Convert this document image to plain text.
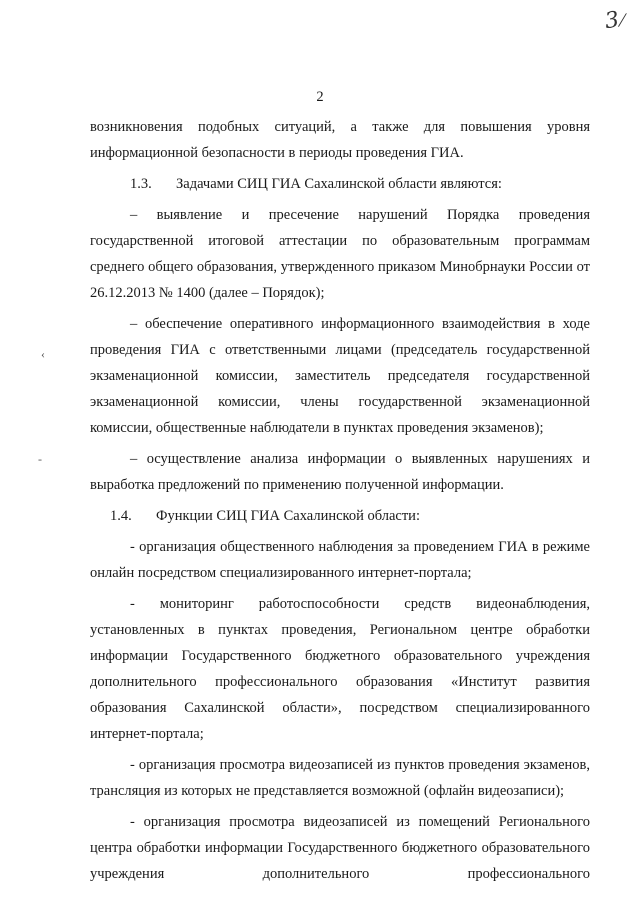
3⁄
2
‹
-

возникновения подобных ситуаций, а также для повышения уровня информационной безопасности в периоды проведения ГИА.

1.3. Задачами СИЦ ГИА Сахалинской области являются:

– выявление и пресечение нарушений Порядка проведения государственной итоговой аттестации по образовательным программам среднего общего образования, утвержденного приказом Минобрнауки России от 26.12.2013 № 1400 (далее – Порядок);

– обеспечение оперативного информационного взаимодействия в ходе проведения ГИА с ответственными лицами (председатель государственной экзаменационной комиссии, заместитель председателя государственной экзаменационной комиссии, члены государственной экзаменационной комиссии, общественные наблюдатели в пунктах проведения экзаменов);

– осуществление анализа информации о выявленных нарушениях и выработка предложений по применению полученной информации.

1.4. Функции СИЦ ГИА Сахалинской области:

- организация общественного наблюдения за проведением ГИА в режиме онлайн посредством специализированного интернет-портала;

- мониторинг работоспособности средств видеонаблюдения, установленных в пунктах проведения, Региональном центре обработки информации Государственного бюджетного образовательного учреждения дополнительного профессионального образования «Институт развития образования Сахалинской области», посредством специализированного интернет-портала;

- организация просмотра видеозаписей из пунктов проведения экзаменов, трансляция из которых не представляется возможной (офлайн видеозаписи);

- организация просмотра видеозаписей из помещений Регионального центра обработки информации Государственного бюджетного образовательного учреждения дополнительного профессионального
